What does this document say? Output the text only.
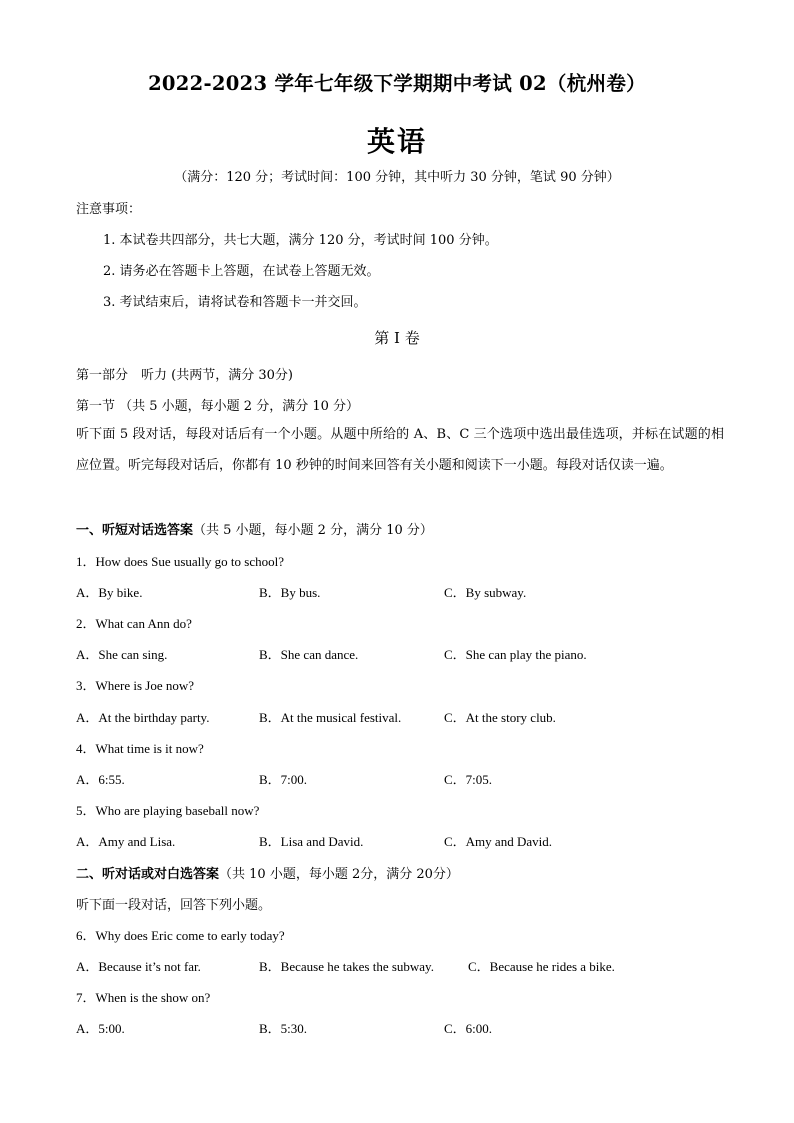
2022-2023 学年七年级下学期期中考试 02（杭州卷）
英语
（满分：120 分；考试时间：100 分钟，其中听力 30 分钟，笔试 90 分钟）
注意事项：
1. 本试卷共四部分，共七大题，满分 120 分，考试时间 100 分钟。
2. 请务必在答题卡上答题，在试卷上答题无效。
3. 考试结束后，请将试卷和答题卡一并交回。
第 I 卷
第一部分　听力 (共两节，满分 30分)
第一节 （共 5 小题，每小题 2 分，满分 10 分）
听下面 5 段对话，每段对话后有一个小题。从题中所给的 A、B、C 三个选项中选出最佳选项，并标在试题的相应位置。听完每段对话后，你都有 10 秒钟的时间来回答有关小题和阅读下一小题。每段对话仅读一遍。
一、听短对话选答案（共 5 小题，每小题 2 分，满分 10 分）
1．How does Sue usually go to school?
A．By bike.	B．By bus.	C．By subway.
2．What can Ann do?
A．She can sing.	B．She can dance.	C．She can play the piano.
3．Where is Joe now?
A．At the birthday party.	B．At the musical festival.	C．At the story club.
4．What time is it now?
A．6:55.	B．7:00.	C．7:05.
5．Who are playing baseball now?
A．Amy and Lisa.	B．Lisa and David.	C．Amy and David.
二、听对话或对白选答案（共 10 小题，每小题 2分，满分 20分）
听下面一段对话，回答下列小题。
6．Why does Eric come to early today?
A．Because it’s not far.	B．Because he takes the subway.	C．Because he rides a bike.
7．When is the show on?
A．5:00.	B．5:30.	C．6:00.
